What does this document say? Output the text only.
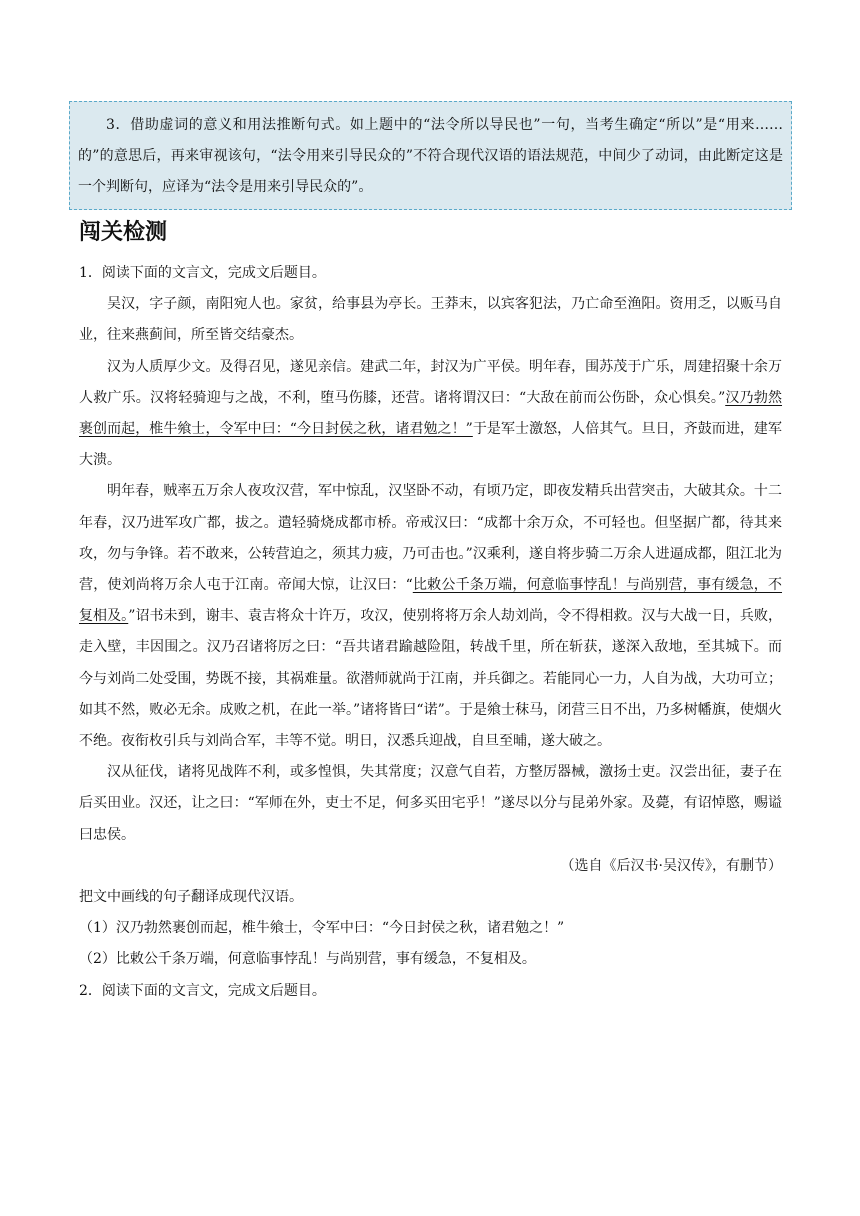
3．借助虚词的意义和用法推断句式。如上题中的“法令所以导民也”一句，当考生确定“所以”是“用来……的”的意思后，再来审视该句，“法令用来引导民众的”不符合现代汉语的语法规范，中间少了动词，由此断定这是一个判断句，应译为“法令是用来引导民众的”。

闯关检测

1．阅读下面的文言文，完成文后题目。

吴汉，字子颜，南阳宛人也。家贫，给事县为亭长。王莽末，以宾客犯法，乃亡命至渔阳。资用乏，以贩马自业，往来燕蓟间，所至皆交结豪杰。

汉为人质厚少文。及得召见，遂见亲信。建武二年，封汉为广平侯。明年春，围苏茂于广乐，周建招聚十余万人救广乐。汉将轻骑迎与之战，不利，堕马伤膝，还营。诸将谓汉曰：“大敌在前而公伤卧，众心惧矣。”汉乃勃然裹创而起，椎牛飨士，令军中曰：“今日封侯之秋，诸君勉之！”于是军士激怒，人倍其气。旦日，齐鼓而进，建军大溃。

明年春，贼率五万余人夜攻汉营，军中惊乱，汉坚卧不动，有顷乃定，即夜发精兵出营突击，大破其众。十二年春，汉乃进军攻广都，拔之。遣轻骑烧成都市桥。帝戒汉曰：“成都十余万众，不可轻也。但坚据广都，待其来攻，勿与争锋。若不敢来，公转营迫之，须其力疲，乃可击也。”汉乘利，遂自将步骑二万余人进逼成都，阻江北为营，使刘尚将万余人屯于江南。帝闻大惊，让汉曰：“比敕公千条万端，何意临事悖乱！与尚别营，事有缓急，不复相及。”诏书未到，谢丰、袁吉将众十许万，攻汉，使别将将万余人劫刘尚，令不得相救。汉与大战一日，兵败，走入壁，丰因围之。汉乃召诸将厉之曰：“吾共诸君踰越险阻，转战千里，所在斩获，遂深入敌地，至其城下。而今与刘尚二处受围，势既不接，其祸难量。欲潜师就尚于江南，并兵御之。若能同心一力，人自为战，大功可立；如其不然，败必无余。成败之机，在此一举。”诸将皆曰“诺”。于是飨士秣马，闭营三日不出，乃多树幡旗，使烟火不绝。夜衔枚引兵与刘尚合军，丰等不觉。明日，汉悉兵迎战，自旦至晡，遂大破之。

汉从征伐，诸将见战阵不利，或多惶惧，失其常度；汉意气自若，方整厉器械，激扬士吏。汉尝出征，妻子在后买田业。汉还，让之曰：“军师在外，吏士不足，何多买田宅乎！”遂尽以分与昆弟外家。及薨，有诏悼愍，赐谥曰忠侯。

（选自《后汉书·吴汉传》，有删节）

把文中画线的句子翻译成现代汉语。

（1）汉乃勃然裹创而起，椎牛飨士，令军中曰：“今日封侯之秋，诸君勉之！”

（2）比敕公千条万端，何意临事悖乱！与尚别营，事有缓急，不复相及。

2．阅读下面的文言文，完成文后题目。
